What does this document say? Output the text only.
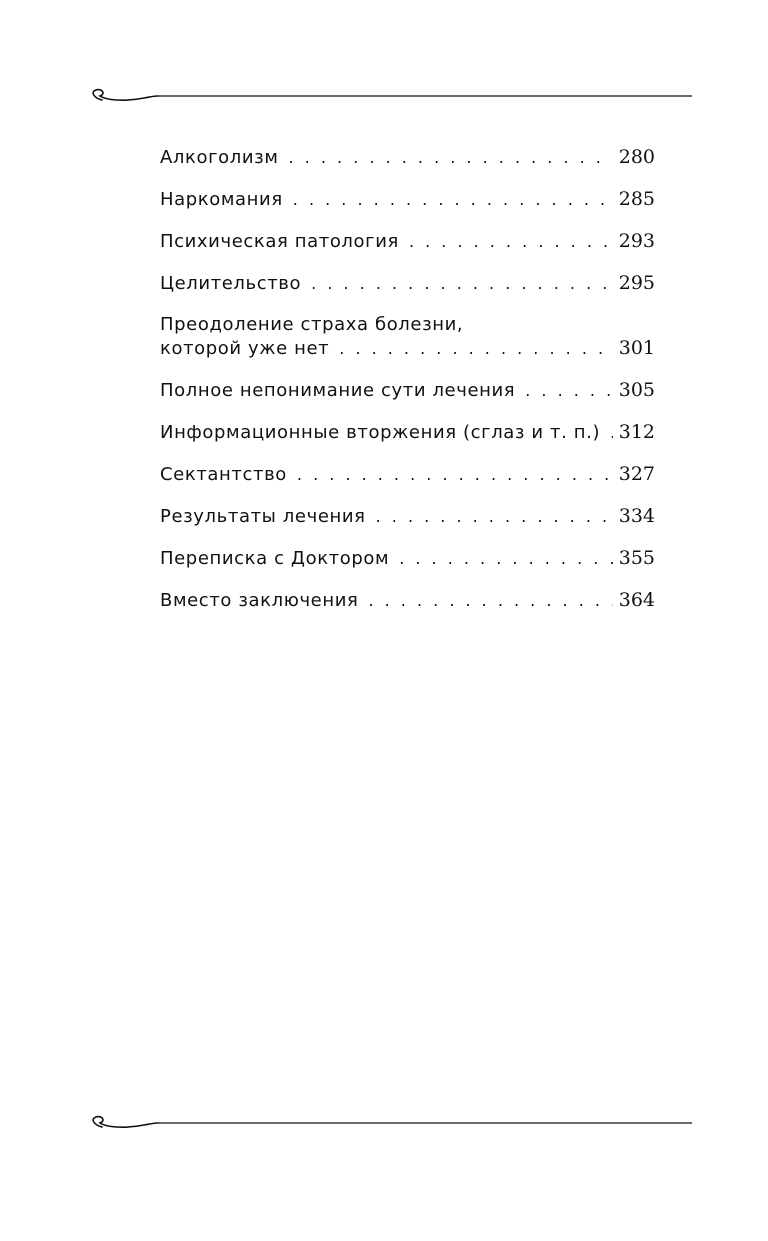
Алкоголизм . . .	280
Наркомания . . .	285
Психическая патология . . .	293
Целительство . . .	295
Преодоление страха болезни,
которой уже нет . . .	301
Полное непонимание сути лечения . . .	305
Информационные вторжения (сглаз и т. п.) . . . 312
Сектантство . . .	327
Результаты лечения . . .	334
Переписка с Доктором . . .	355
Вместо заключения . . .	364
